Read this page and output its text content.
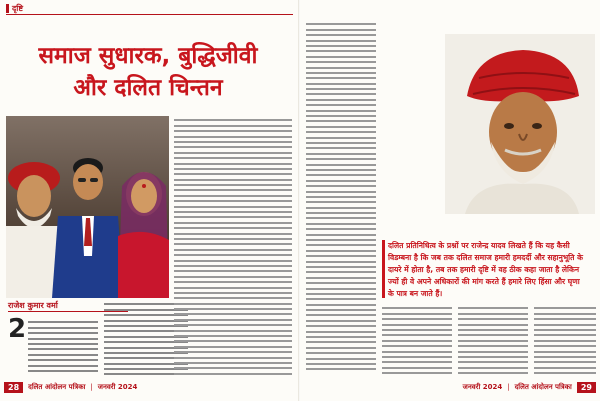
दृष्टि
समाज सुधारक, बुद्धिजीवी
और दलित चिन्तन
राजेश कुमार वर्मा
2
28	दलित आंदोलन पत्रिका | जनवरी 2024	जनवरी 2024 | दलित आंदोलन पत्रिका	29
दलित प्रतिनिधित्व के प्रश्नों पर राजेन्द्र यादव लिखते हैं कि यह कैसी विडम्बना है कि जब तक दलित समाज हमारी हमदर्दी और सहानुभूति के दायरे में होता है, तब तक हमारी दृष्टि में वह ठीक कहा जाता है लेकिन ज्यों ही वे अपने अधिकारों की मांग करते हैं हमारे लिए हिंसा और घृणा के पात्र बन जाते हैं।
